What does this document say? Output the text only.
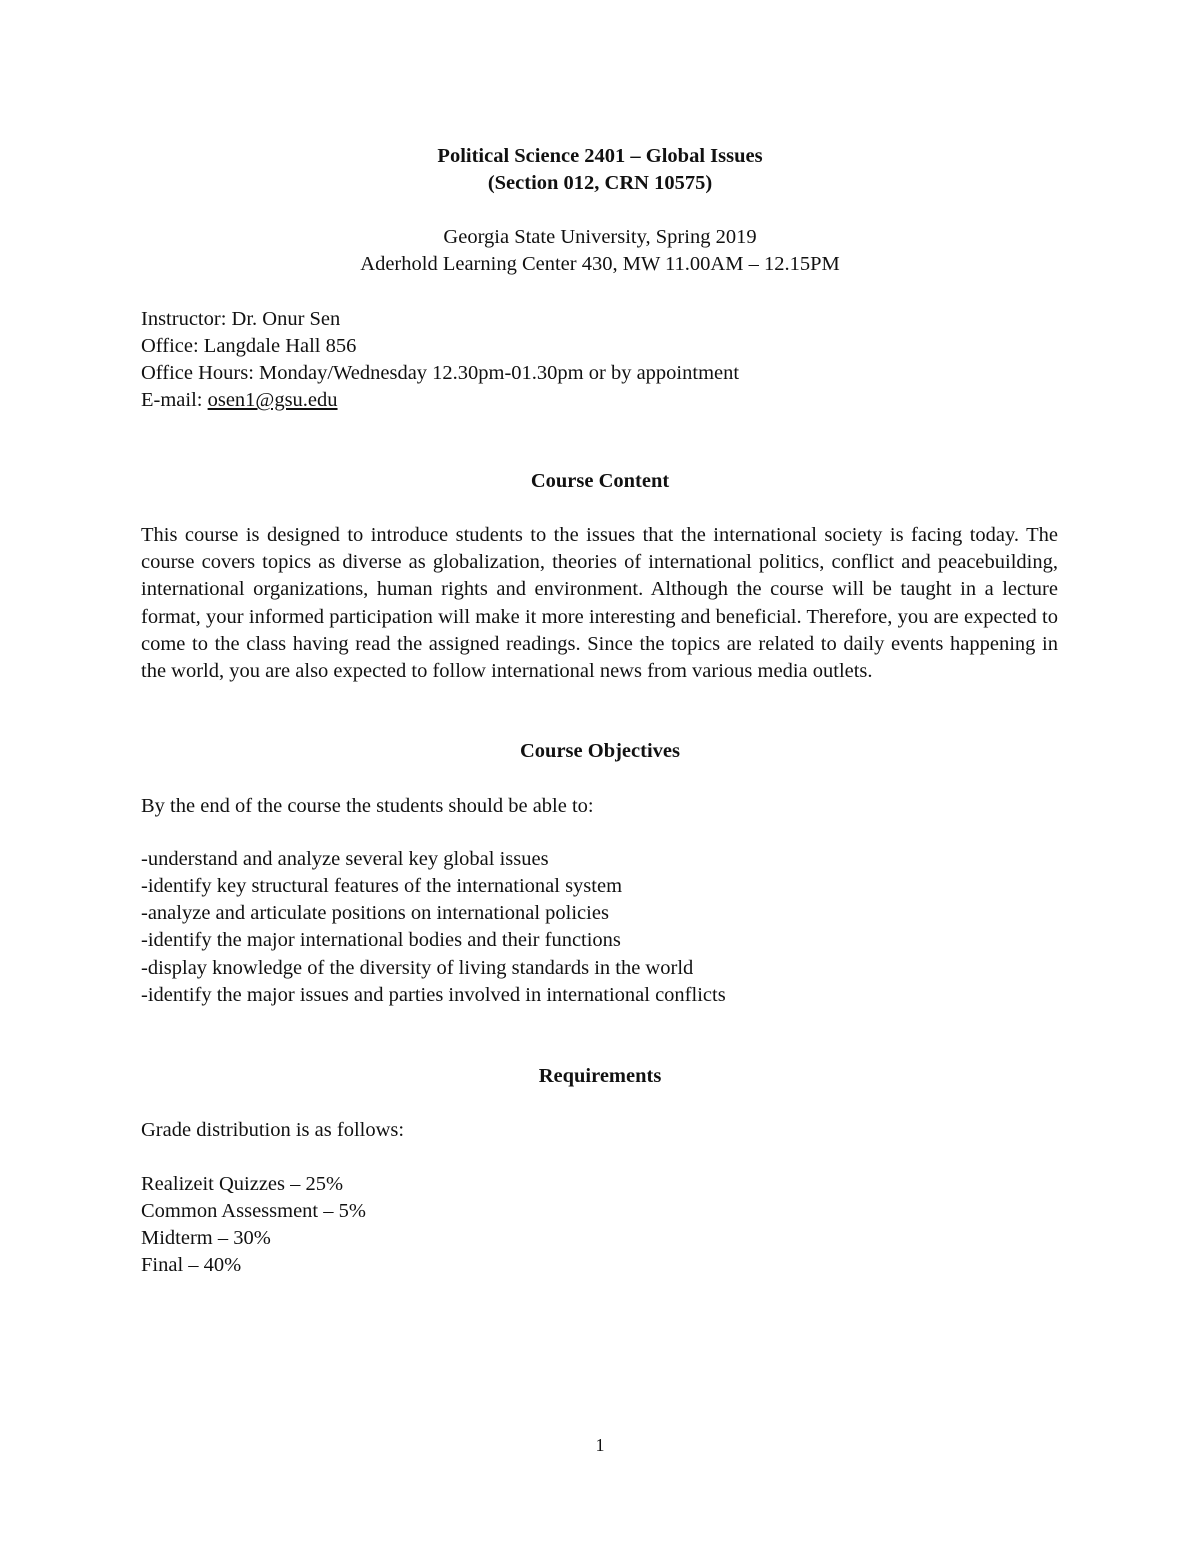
Political Science 2401 – Global Issues
(Section 012, CRN 10575)
Georgia State University, Spring 2019
Aderhold Learning Center 430, MW 11.00AM – 12.15PM
Instructor: Dr. Onur Sen
Office: Langdale Hall 856
Office Hours: Monday/Wednesday 12.30pm-01.30pm or by appointment
E-mail: osen1@gsu.edu
Course Content

This course is designed to introduce students to the issues that the international society is facing today. The course covers topics as diverse as globalization, theories of international politics, conflict and peacebuilding, international organizations, human rights and environment. Although the course will be taught in a lecture format, your informed participation will make it more interesting and beneficial. Therefore, you are expected to come to the class having read the assigned readings. Since the topics are related to daily events happening in the world, you are also expected to follow international news from various media outlets.

Course Objectives
By the end of the course the students should be able to:
-understand and analyze several key global issues
-identify key structural features of the international system
-analyze and articulate positions on international policies
-identify the major international bodies and their functions
-display knowledge of the diversity of living standards in the world
-identify the major issues and parties involved in international conflicts
Requirements
Grade distribution is as follows:
Realizeit Quizzes – 25%
Common Assessment – 5%
Midterm – 30%
Final – 40%
1
